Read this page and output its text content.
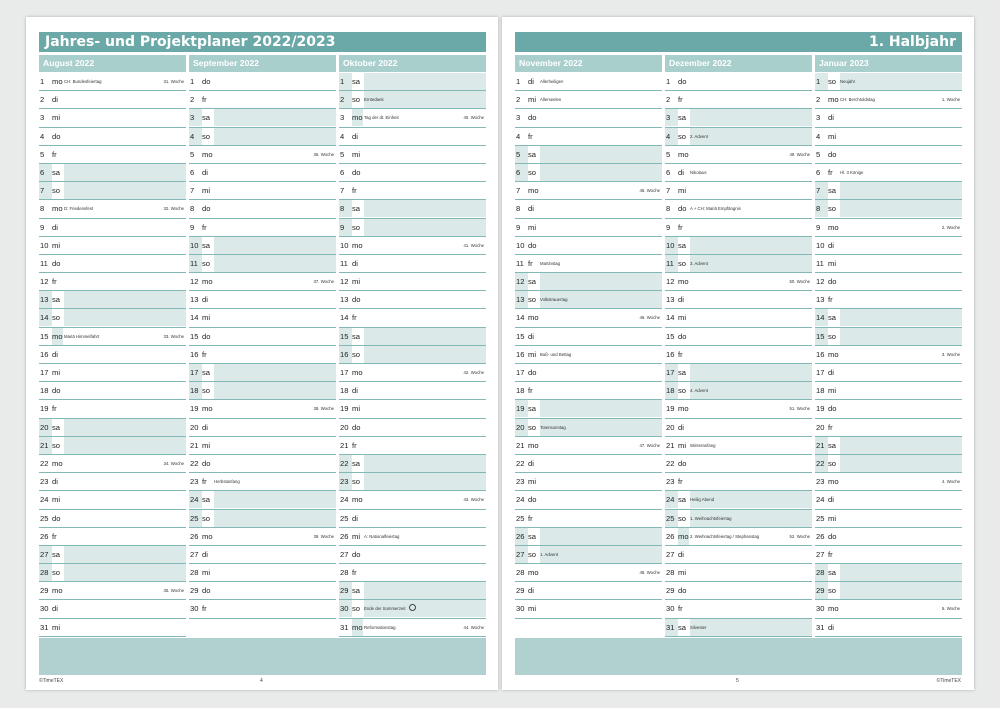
Jahres- und Projektplaner 2022/2023
August 2022
1	mo CH: Bundesfeiertag	31. Woche
2	di
3	mi
4	do
5	fr
6	sa
7	so
8	mo D: Friedensfest	32. Woche
9	di
10 mi
11 do
12 fr
13 sa
14 so
15 mo Mariä Himmelfahrt	33. Woche
16 di
17 mi
18 do
19 fr
20 sa
21 so
22 mo	34. Woche
23 di
24 mi
25 do
26 fr
27 sa
28 so
29 mo	35. Woche
30 di
31 mi
September 2022
1	do
2	fr
3	sa
4	so
5	mo	36. Woche
6	di
7	mi
8	do
9	fr
10 sa
11 so
12 mo	37. Woche
13 di
14 mi
15 do
16 fr
17 sa
18 so
19 mo	38. Woche
20 di
21 mi
22 do
23 fr	Herbstanfang
24 sa
25 so
26 mo	39. Woche
27 di
28 mi
29 do
30 fr
Oktober 2022
1	sa
2	so Erntedank
3	mo Tag der dt. Einheit	40. Woche
4	di
5	mi
6	do
7	fr
8	sa
9	so
10 mo	41. Woche
11 di
12 mi
13 do
14 fr
15 sa
16 so
17 mo	42. Woche
18 di
19 mi
20 do
21 fr
22 sa
23 so
24 mo	43. Woche
25 di
26 mi A: Nationalfeiertag
27 do
28 fr
29 sa
30 so Ende der Sommerzeit
31 mo Reformationstag	44. Woche
©TimeTEX	4
1. Halbjahr
November 2022
1	di	Allerheiligen
2	mi Allerseelen
3	do
4	fr
5	sa
6	so
7	mo	45. Woche
8	di
9	mi
10 do
11 fr	Martinstag
12 sa
13 so Volkstrauertag
14 mo	46. Woche
15 di
16 mi Buß- und Bettag
17 do
18 fr
19 sa
20 so Totensonntag
21 mo	47. Woche
22 di
23 mi
24 do
25 fr
26 sa
27 so 1. Advent
28 mo	48. Woche
29 di
30 mi
Dezember 2022
1	do
2	fr
3	sa
4	so 2. Advent
5	mo	49. Woche
6	di	Nikolaus
7	mi
8	do A + CH: Mariä Empfängnis
9	fr
10 sa
11 so 3. Advent
12 mo	50. Woche
13 di
14 mi
15 do
16 fr
17 sa
18 so 4. Advent
19 mo	51. Woche
20 di
21 mi Winteranfang
22 do
23 fr
24 sa Heilig Abend
25 so 1. Weihnachtsfeiertag
26 mo 2. Weihnachtsfeiertag / Stephanstag	52. Woche
27 di
28 mi
29 do
30 fr
31 sa Silvester
Januar 2023
1	so Neujahr
2	mo CH: Berchtoldstag	1. Woche
3	di
4	mi
5	do
6	fr	Hl. 3 Könige
7	sa
8	so
9	mo	2. Woche
10 di
11 mi
12 do
13 fr
14 sa
15 so
16 mo	3. Woche
17 di
18 mi
19 do
20 fr
21 sa
22 so
23 mo	4. Woche
24 di
25 mi
26 do
27 fr
28 sa
29 so
30 mo	5. Woche
31 di
5	©TimeTEX
